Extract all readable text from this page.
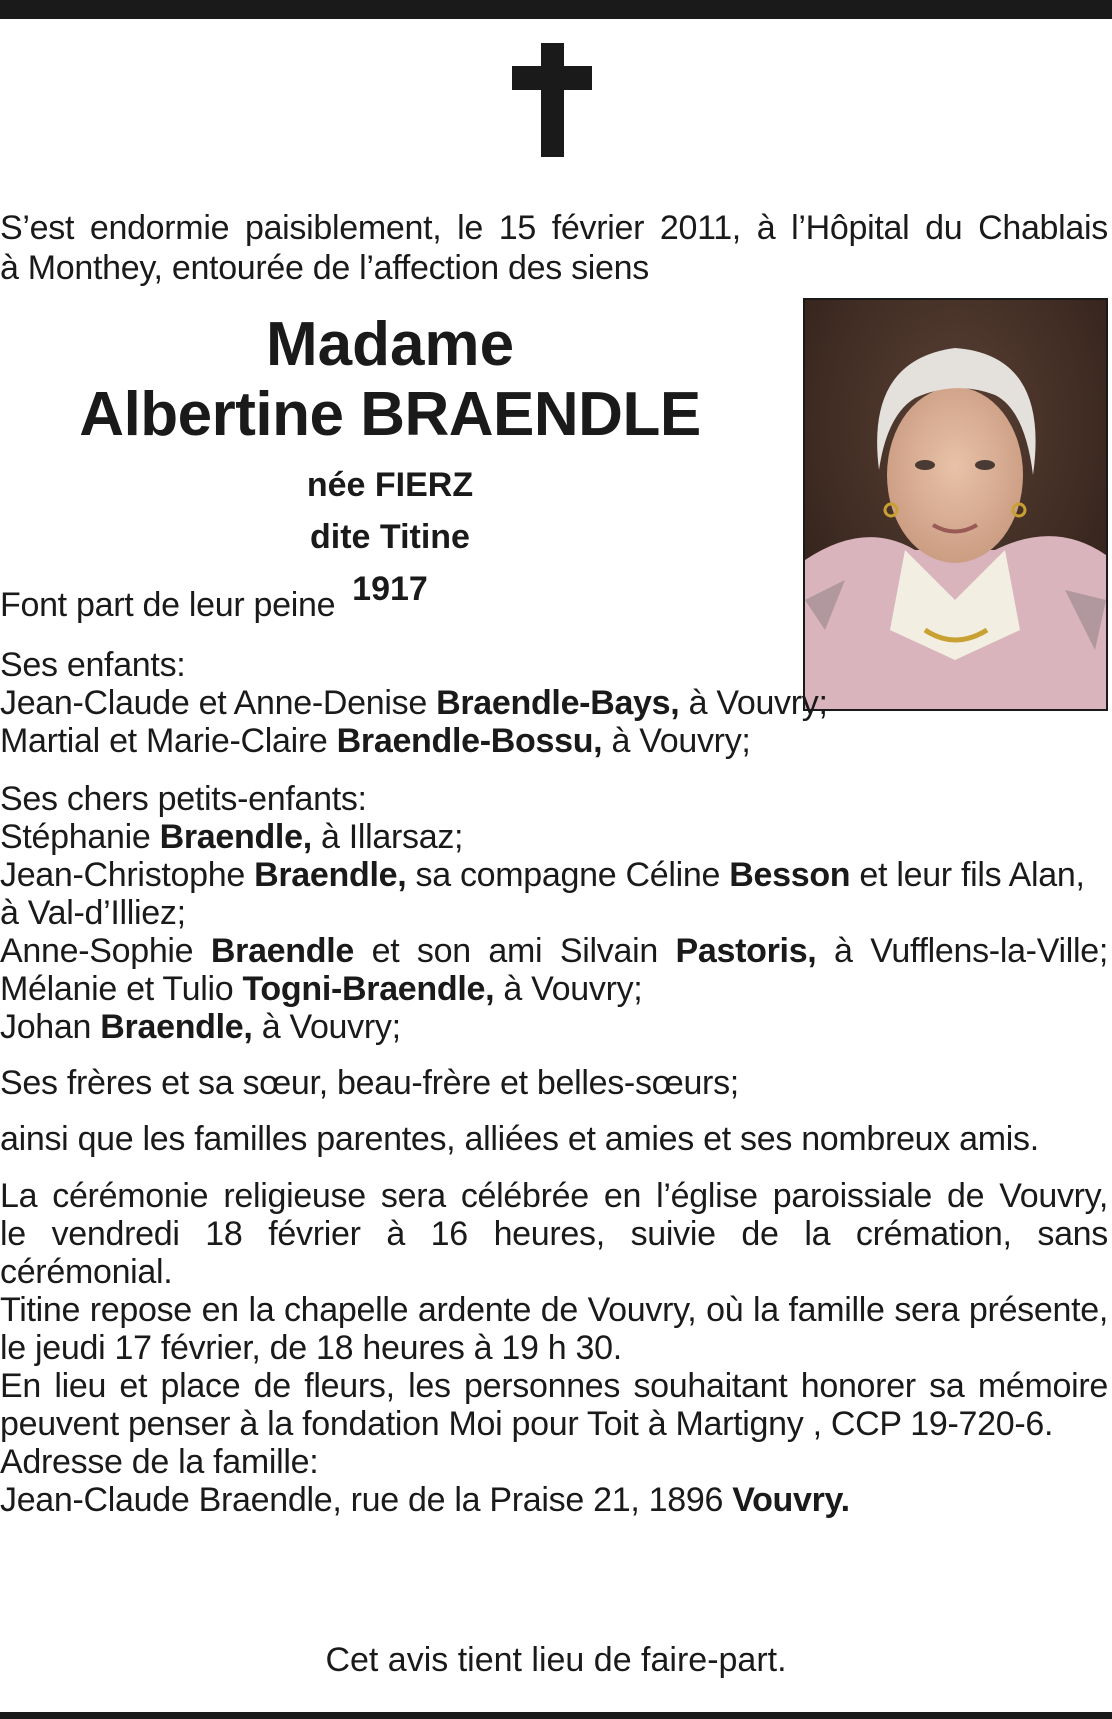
S’est endormie paisiblement, le 15 février 2011, à l’Hôpital du Chablais
à Monthey, entourée de l’affection des siens
Madame
Albertine BRAENDLE
née FIERZ
dite Titine
1917
Font part de leur peine
Ses enfants:
Jean-Claude et Anne-Denise Braendle-Bays, à Vouvry;
Martial et Marie-Claire Braendle-Bossu, à Vouvry;
Ses chers petits-enfants:
Stéphanie Braendle, à Illarsaz;
Jean-Christophe Braendle, sa compagne Céline Besson et leur fils Alan,
à Val-d’Illiez;
Anne-Sophie Braendle et son ami Silvain Pastoris, à Vufflens-la-Ville;
Mélanie et Tulio Togni-Braendle, à Vouvry;
Johan Braendle, à Vouvry;
Ses frères et sa sœur, beau-frère et belles-sœurs;
ainsi que les familles parentes, alliées et amies et ses nombreux amis.
La cérémonie religieuse sera célébrée en l’église paroissiale de Vouvry,
le vendredi 18 février à 16 heures, suivie de la crémation, sans
cérémonial.
Titine repose en la chapelle ardente de Vouvry, où la famille sera présente,
le jeudi 17 février, de 18 heures à 19 h 30.
En lieu et place de fleurs, les personnes souhaitant honorer sa mémoire
peuvent penser à la fondation Moi pour Toit à Martigny , CCP 19-720-6.
Adresse de la famille:
Jean-Claude Braendle, rue de la Praise 21, 1896 Vouvry.
Cet avis tient lieu de faire-part.
